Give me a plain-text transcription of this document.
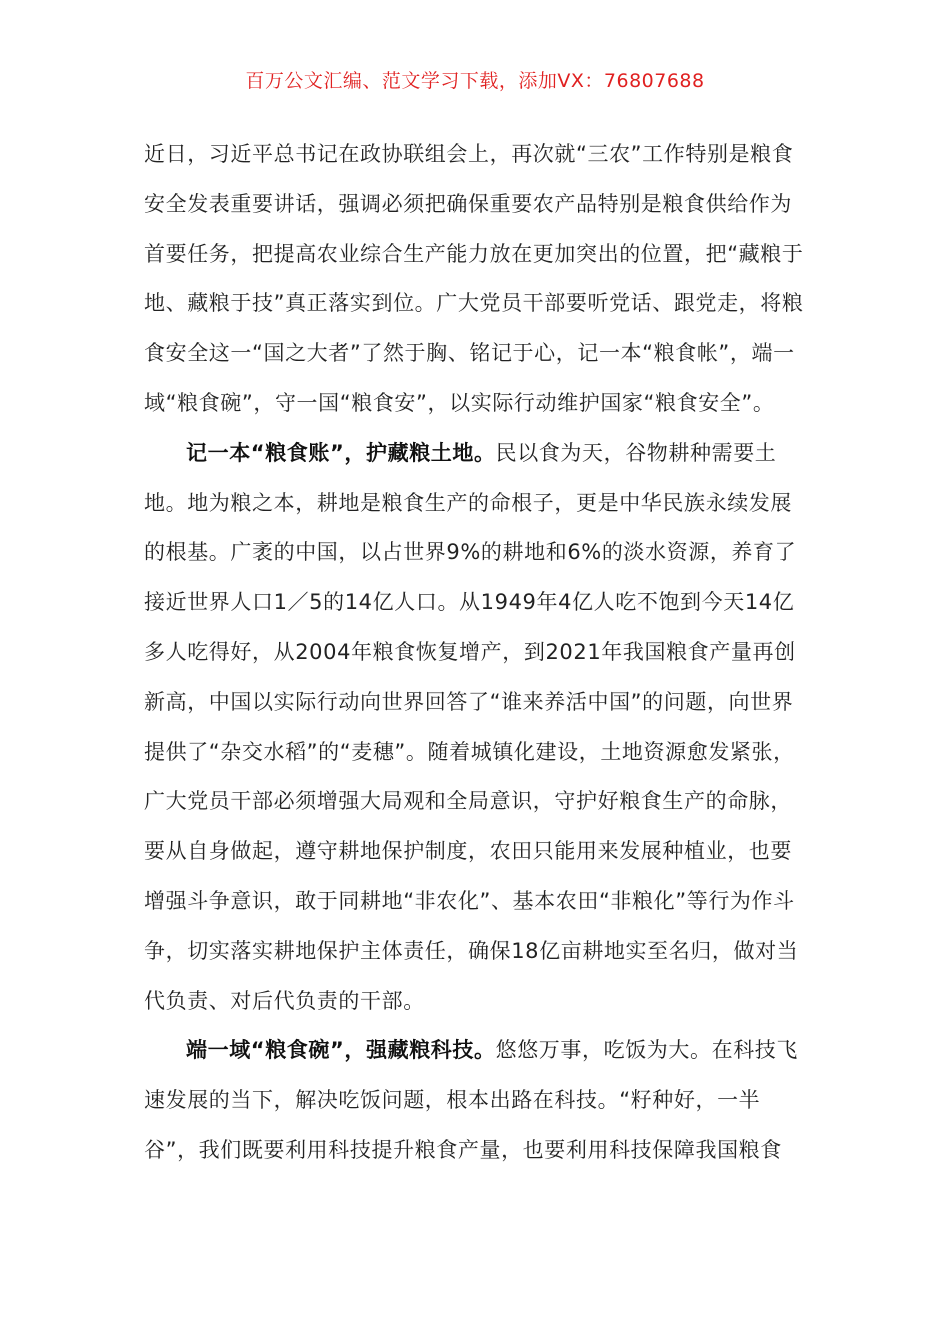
百万公文汇编、范文学习下载，添加VX：76807688

近日，习近平总书记在政协联组会上，再次就“三农”工作特别是粮食安全发表重要讲话，强调必须把确保重要农产品特别是粮食供给作为首要任务，把提高农业综合生产能力放在更加突出的位置，把“藏粮于地、藏粮于技”真正落实到位。广大党员干部要听党话、跟党走，将粮食安全这一“国之大者”了然于胸、铭记于心，记一本“粮食帐”，端一域“粮食碗”，守一国“粮食安”，以实际行动维护国家“粮食安全”。

记一本“粮食账”，护藏粮土地。民以食为天，谷物耕种需要土地。地为粮之本，耕地是粮食生产的命根子，更是中华民族永续发展的根基。广袤的中国，以占世界9%的耕地和6%的淡水资源，养育了接近世界人口1／5的14亿人口。从1949年4亿人吃不饱到今天14亿多人吃得好，从2004年粮食恢复增产，到2021年我国粮食产量再创新高，中国以实际行动向世界回答了“谁来养活中国”的问题，向世界提供了“杂交水稻”的“麦穗”。随着城镇化建设，土地资源愈发紧张，广大党员干部必须增强大局观和全局意识，守护好粮食生产的命脉，要从自身做起，遵守耕地保护制度，农田只能用来发展种植业，也要增强斗争意识，敢于同耕地“非农化”、基本农田“非粮化”等行为作斗争，切实落实耕地保护主体责任，确保18亿亩耕地实至名归，做对当代负责、对后代负责的干部。

端一域“粮食碗”，强藏粮科技。悠悠万事，吃饭为大。在科技飞速发展的当下，解决吃饭问题，根本出路在科技。“籽种好，一半谷”，我们既要利用科技提升粮食产量，也要利用科技保障我国粮食
